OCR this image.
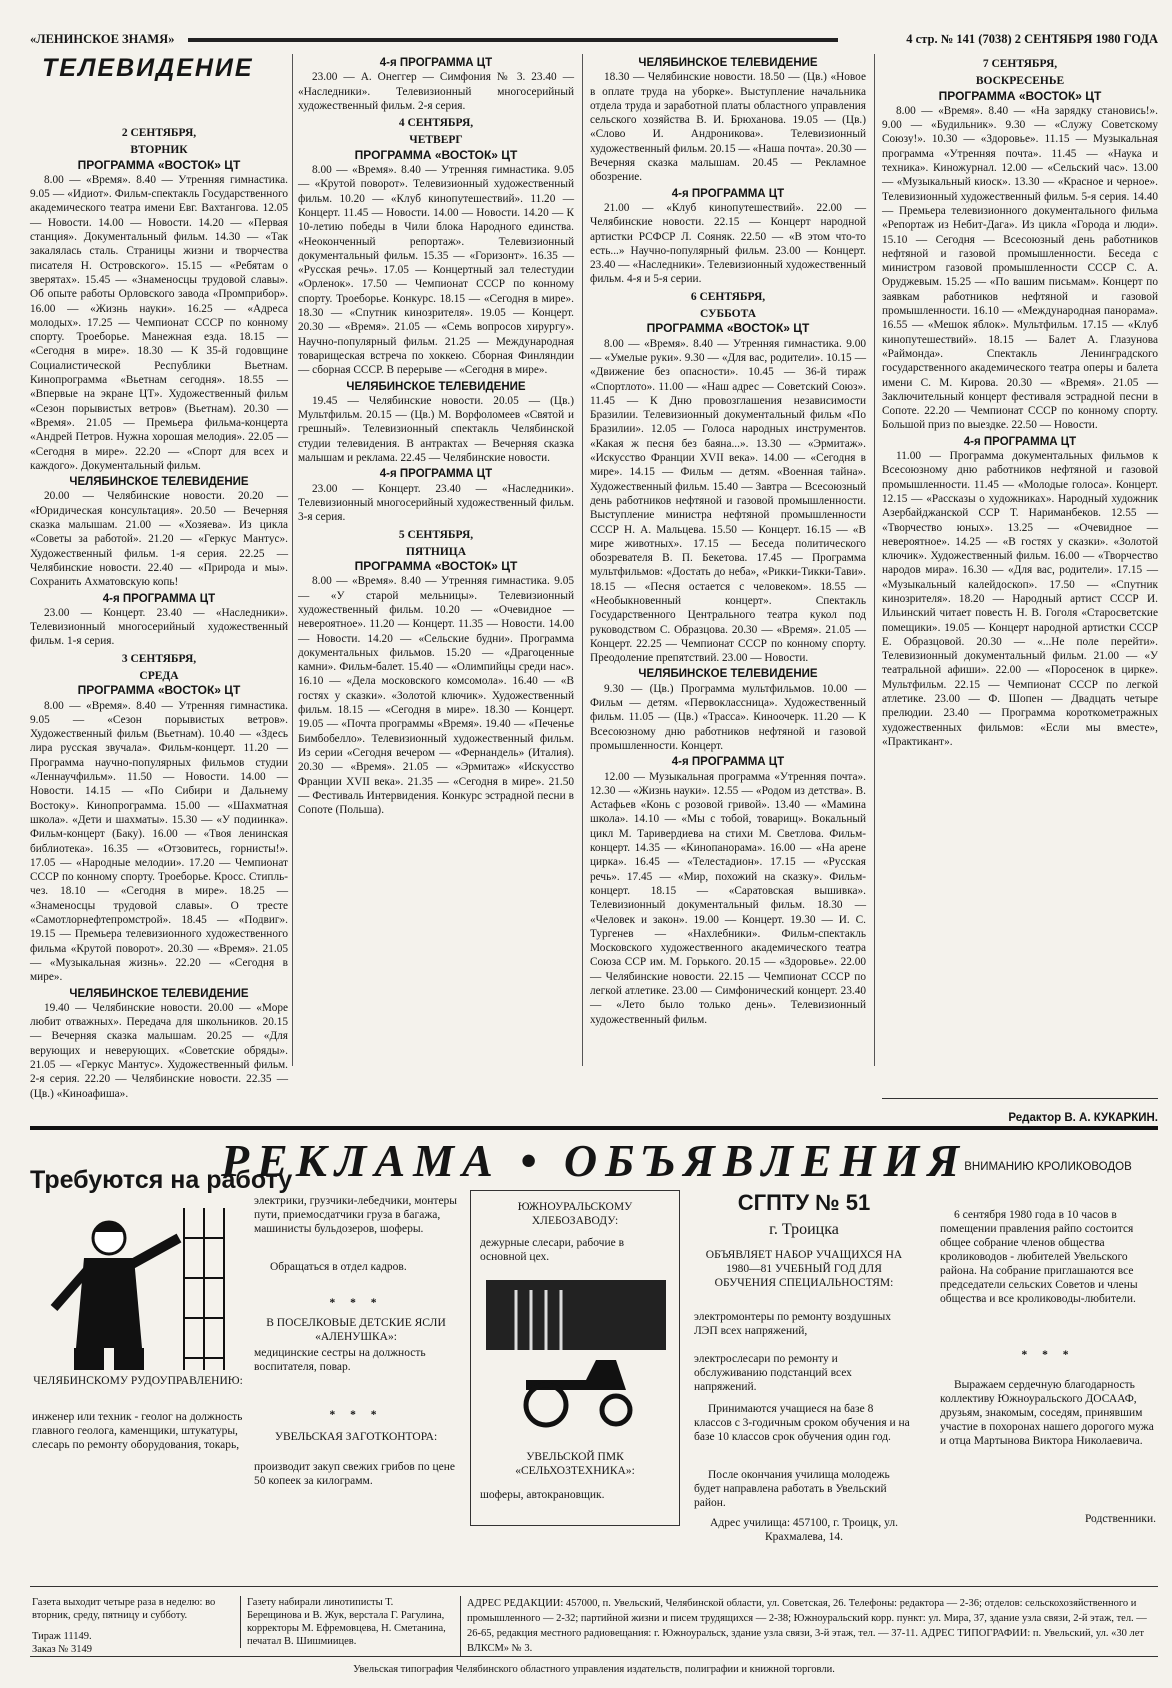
«ЛЕНИНСКОЕ ЗНАМЯ»	4 стр. № 141 (7038) 2 СЕНТЯБРЯ 1980 ГОДА
ТЕЛЕВИДЕНИЕ
2 СЕНТЯБРЯ,
ВТОРНИК
ПРОГРАММА «ВОСТОК» ЦТ

8.00 — «Время». 8.40 — Утренняя гимнастика. 9.05 — «Идиот». Фильм-спектакль Государственного академического театра имени Евг. Вахтангова. 12.05 — Новости. 14.00 — Новости. 14.20 — «Первая станция». Документальный фильм. 14.30 — «Так закалялась сталь. Страницы жизни и творчества писателя Н. Островского». 15.15 — «Ребятам о зверятах». 15.45 — «Знаменосцы трудовой славы». Об опыте работы Орловского завода «Промприбор». 16.00 — «Жизнь науки». 16.25 — «Адреса молодых». 17.25 — Чемпионат СССР по конному спорту. Троеборье. Манежная езда. 18.15 — «Сегодня в мире». 18.30 — К 35-й годовщине Социалистической Республики Вьетнам. Кинопрограмма «Вьетнам сегодня». 18.55 — «Впервые на экране ЦТ». Художественный фильм «Сезон порывистых ветров» (Вьетнам). 20.30 — «Время». 21.05 — Премьера фильма-концерта «Андрей Петров. Нужна хорошая мелодия». 22.05 — «Сегодня в мире». 22.20 — «Спорт для всех и каждого». Документальный фильм.

ЧЕЛЯБИНСКОЕ ТЕЛЕВИДЕНИЕ

20.00 — Челябинские новости. 20.20 — «Юридическая консультация». 20.50 — Вечерняя сказка малышам. 21.00 — «Хозяева». Из цикла «Советы за работой». 21.20 — «Геркус Мантус». Художественный фильм. 1-я серия. 22.25 — Челябинские новости. 22.40 — «Природа и мы». Сохранить Ахматовскую копь!

4-я ПРОГРАММА ЦТ

23.00 — Концерт. 23.40 — «Наследники». Телевизионный многосерийный художественный фильм. 1-я серия.

3 СЕНТЯБРЯ,
СРЕДА
ПРОГРАММА «ВОСТОК» ЦТ

8.00 — «Время». 8.40 — Утренняя гимнастика. 9.05 — «Сезон порывистых ветров». Художественный фильм (Вьетнам). 10.40 — «Здесь лира русская звучала». Фильм-концерт. 11.20 — Программа научно-популярных фильмов студии «Леннаучфильм». 11.50 — Новости. 14.00 — Новости. 14.15 — «По Сибири и Дальнему Востоку». Кинопрограмма. 15.00 — «Шахматная школа». «Дети и шахматы». 15.30 — «У подиинка». Фильм-концерт (Баку). 16.00 — «Твоя ленинская библиотека». 16.35 — «Отзовитесь, горнисты!». 17.05 — «Народные мелодии». 17.20 — Чемпионат СССР по конному спорту. Троеборье. Кросс. Стипль-чез. 18.10 — «Сегодня в мире». 18.25 — «Знаменосцы трудовой славы». О тресте «Самотлорнефтепромстрой». 18.45 — «Подвиг». 19.15 — Премьера телевизионного художественного фильма «Крутой поворот». 20.30 — «Время». 21.05 — «Музыкальная жизнь». 22.20 — «Сегодня в мире».

ЧЕЛЯБИНСКОЕ ТЕЛЕВИДЕНИЕ

19.40 — Челябинские новости. 20.00 — «Море любит отважных». Передача для школьников. 20.15 — Вечерняя сказка малышам. 20.25 — «Для верующих и неверующих. «Советские обряды». 21.05 — «Геркус Мантус». Художественный фильм. 2-я серия. 22.20 — Челябинские новости. 22.35 — (Цв.) «Киноафиша».

4-я ПРОГРАММА ЦТ

23.00 — А. Онеггер — Симфония № 3. 23.40 — «Наследники». Телевизионный многосерийный художественный фильм. 2-я серия.

4 СЕНТЯБРЯ,
ЧЕТВЕРГ
ПРОГРАММА «ВОСТОК» ЦТ

8.00 — «Время». 8.40 — Утренняя гимнастика. 9.05 — «Крутой поворот». Телевизионный художественный фильм. 10.20 — «Клуб кинопутешествий». 11.20 — Концерт. 11.45 — Новости. 14.00 — Новости. 14.20 — К 10-летию победы в Чили блока Народного единства. «Неоконченный репортаж». Телевизионный документальный фильм. 15.35 — «Горизонт». 16.35 — «Русская речь». 17.05 — Концертный зал телестудии «Орленок». 17.50 — Чемпионат СССР по конному спорту. Троеборье. Конкурс. 18.15 — «Сегодня в мире». 18.30 — «Спутник кинозрителя». 19.05 — Концерт. 20.30 — «Время». 21.05 — «Семь вопросов хирургу». Научно-популярный фильм. 21.25 — Международная товарищеская встреча по хоккею. Сборная Финляндии — сборная СССР. В перерыве — «Сегодня в мире».

ЧЕЛЯБИНСКОЕ ТЕЛЕВИДЕНИЕ

19.45 — Челябинские новости. 20.05 — (Цв.) Мультфильм. 20.15 — (Цв.) М. Ворфоломеев «Святой и грешный». Телевизионный спектакль Челябинской студии телевидения. В антрактах — Вечерняя сказка малышам и реклама. 22.45 — Челябинские новости.

4-я ПРОГРАММА ЦТ

23.00 — Концерт. 23.40 — «Наследники». Телевизионный многосерийный художественный фильм. 3-я серия.

5 СЕНТЯБРЯ,
ПЯТНИЦА
ПРОГРАММА «ВОСТОК» ЦТ

8.00 — «Время». 8.40 — Утренняя гимнастика. 9.05 — «У старой мельницы». Телевизионный художественный фильм. 10.20 — «Очевидное — невероятное». 11.20 — Концерт. 11.35 — Новости. 14.00 — Новости. 14.20 — «Сельские будни». Программа документальных фильмов. 15.20 — «Драгоценные камни». Фильм-балет. 15.40 — «Олимпийцы среди нас». 16.10 — «Дела московского комсомола». 16.40 — «В гостях у сказки». «Золотой ключик». Художественный фильм. 18.15 — «Сегодня в мире». 18.30 — Концерт. 19.05 — «Почта программы «Время». 19.40 — «Печенье Бимбобелло». Телевизионный художественный фильм. Из серии «Сегодня вечером — «Фернандель» (Италия). 20.30 — «Время». 21.05 — «Эрмитаж» «Искусство Франции XVII века». 21.35 — «Сегодня в мире». 21.50 — Фестиваль Интервидения. Конкурс эстрадной песни в Сопоте (Польша).

ЧЕЛЯБИНСКОЕ ТЕЛЕВИДЕНИЕ

18.30 — Челябинские новости. 18.50 — (Цв.) «Новое в оплате труда на уборке». Выступление начальника отдела труда и заработной платы областного управления сельского хозяйства В. И. Брюханова. 19.05 — (Цв.) «Слово И. Андроникова». Телевизионный художественный фильм. 20.15 — «Наша почта». 20.30 — Вечерняя сказка малышам. 20.45 — Рекламное обозрение.

4-я ПРОГРАММА ЦТ

21.00 — «Клуб кинопутешествий». 22.00 — Челябинские новости. 22.15 — Концерт народной артистки РСФСР Л. Сояняк. 22.50 — «В этом что-то есть...» Научно-популярный фильм. 23.00 — Концерт. 23.40 — «Наследники». Телевизионный художественный фильм. 4-я и 5-я серии.

6 СЕНТЯБРЯ,
СУББОТА
ПРОГРАММА «ВОСТОК» ЦТ

8.00 — «Время». 8.40 — Утренняя гимнастика. 9.00 — «Умелые руки». 9.30 — «Для вас, родители». 10.15 — «Движение без опасности». 10.45 — 36-й тираж «Спортлото». 11.00 — «Наш адрес — Советский Союз». 11.45 — К Дню провозглашения независимости Бразилии. Телевизионный документальный фильм «По Бразилии». 12.05 — Голоса народных инструментов. «Какая ж песня без баяна...». 13.30 — «Эрмитаж». «Искусство Франции XVII века». 14.00 — «Сегодня в мире». 14.15 — Фильм — детям. «Военная тайна». Художественный фильм. 15.40 — Завтра — Всесоюзный день работников нефтяной и газовой промышленности. Выступление министра нефтяной промышленности СССР Н. А. Мальцева. 15.50 — Концерт. 16.15 — «В мире животных». 17.15 — Беседа политического обозревателя В. П. Бекетова. 17.45 — Программа мультфильмов: «Достать до неба», «Рикки-Тикки-Тави». 18.15 — «Песня остается с человеком». 18.55 — «Необыкновенный концерт». Спектакль Государственного Центрального театра кукол под руководством С. Образцова. 20.30 — «Время». 21.05 — Концерт. 22.25 — Чемпионат СССР по конному спорту. Преодоление препятствий. 23.00 — Новости.

ЧЕЛЯБИНСКОЕ ТЕЛЕВИДЕНИЕ

9.30 — (Цв.) Программа мультфильмов. 10.00 — Фильм — детям. «Первоклассница». Художественный фильм. 11.05 — (Цв.) «Трасса». Киноочерк. 11.20 — К Всесоюзному дню работников нефтяной и газовой промышленности. Концерт.

4-я ПРОГРАММА ЦТ

12.00 — Музыкальная программа «Утренняя почта». 12.30 — «Жизнь науки». 12.55 — «Родом из детства». В. Астафьев «Конь с розовой гривой». 13.40 — «Мамина школа». 14.10 — «Мы с тобой, товарищ». Вокальный цикл М. Таривердиева на стихи М. Светлова. Фильм-концерт. 14.35 — «Кинопанорама». 16.00 — «На арене цирка». 16.45 — «Телестадион». 17.15 — «Русская речь». 17.45 — «Мир, похожий на сказку». Фильм-концерт. 18.15 — «Саратовская вышивка». Телевизионный документальный фильм. 18.30 — «Человек и закон». 19.00 — Концерт. 19.30 — И. С. Тургенев — «Нахлебники». Фильм-спектакль Московского художественного академического театра Союза ССР им. М. Горького. 20.15 — «Здоровье». 22.00 — Челябинские новости. 22.15 — Чемпионат СССР по легкой атлетике. 23.00 — Симфонический концерт. 23.40 — «Лето было только день». Телевизионный художественный фильм.

7 СЕНТЯБРЯ,
ВОСКРЕСЕНЬЕ
ПРОГРАММА «ВОСТОК» ЦТ

8.00 — «Время». 8.40 — «На зарядку становись!». 9.00 — «Будильник». 9.30 — «Служу Советскому Союзу!». 10.30 — «Здоровье». 11.15 — Музыкальная программа «Утренняя почта». 11.45 — «Наука и техника». Киножурнал. 12.00 — «Сельский час». 13.00 — «Музыкальный киоск». 13.30 — «Красное и черное». Телевизионный художественный фильм. 5-я серия. 14.40 — Премьера телевизионного документального фильма «Репортаж из Небит-Дага». Из цикла «Города и люди». 15.10 — Сегодня — Всесоюзный день работников нефтяной и газовой промышленности. Беседа с министром газовой промышленности СССР С. А. Оруджевым. 15.25 — «По вашим письмам». Концерт по заявкам работников нефтяной и газовой промышленности. 16.10 — «Международная панорама». 16.55 — «Мешок яблок». Мультфильм. 17.15 — «Клуб кинопутешествий». 18.15 — Балет А. Глазунова «Раймонда». Спектакль Ленинградского государственного академического театра оперы и балета имени С. М. Кирова. 20.30 — «Время». 21.05 — Заключительный концерт фестиваля эстрадной песни в Сопоте. 22.20 — Чемпионат СССР по конному спорту. Большой приз по выездке. 22.50 — Новости.

4-я ПРОГРАММА ЦТ

11.00 — Программа документальных фильмов к Всесоюзному дню работников нефтяной и газовой промышленности. 11.45 — «Молодые голоса». Концерт. 12.15 — «Рассказы о художниках». Народный художник Азербайджанской ССР Т. Нариманбеков. 12.55 — «Творчество юных». 13.25 — «Очевидное — невероятное». 14.25 — «В гостях у сказки». «Золотой ключик». Художественный фильм. 16.00 — «Творчество народов мира». 16.30 — «Для вас, родители». 17.15 — «Музыкальный калейдоскоп». 17.50 — «Спутник кинозрителя». 18.20 — Народный артист СССР И. Ильинский читает повесть Н. В. Гоголя «Старосветские помещики». 19.05 — Концерт народной артистки СССР Е. Образцовой. 20.30 — «...Не поле перейти». Телевизионный документальный фильм. 21.00 — «У театральной афиши». 22.00 — «Поросенок в цирке». Мультфильм. 22.15 — Чемпионат СССР по легкой атлетике. 23.00 — Ф. Шопен — Двадцать четыре прелюдии. 23.40 — Программа короткометражных художественных фильмов: «Если мы вместе», «Практикант».

Редактор В. А. КУКАРКИН.
РЕКЛАМА • ОБЪЯВЛЕНИЯ
Требуются на работу
ЧЕЛЯБИНСКОМУ РУДОУПРАВЛЕНИЮ:
инженер или техник - геолог на должность главного геолога, каменщики, штукатуры, слесарь по ремонту оборудования, токарь,
электрики, грузчики-лебедчики, монтеры пути, приемосдатчики груза в багажа, машинисты бульдозеров, шоферы.
Обращаться в отдел кадров.
* * *
В ПОСЕЛКОВЫЕ ДЕТСКИЕ ЯСЛИ «АЛЕНУШКА»:
медицинские сестры на должность воспитателя, повар.
* * *
УВЕЛЬСКАЯ ЗАГОТКОНТОРА:
производит закуп свежих грибов по цене 50 копеек за килограмм.
ЮЖНОУРАЛЬСКОМУ ХЛЕБОЗАВОДУ:
дежурные слесари, рабочие в основной цех.
УВЕЛЬСКОЙ ПМК «СЕЛЬХОЗТЕХНИКА»:
шоферы, автокрановщик.
СГПТУ № 51
г. Троицка
ОБЪЯВЛЯЕТ НАБОР УЧАЩИХСЯ НА 1980—81 УЧЕБНЫЙ ГОД ДЛЯ ОБУЧЕНИЯ СПЕЦИАЛЬНОСТЯМ:
электромонтеры по ремонту воздушных ЛЭП всех напряжений,
электрослесари по ремонту и обслуживанию подстанций всех напряжений.
Принимаются учащиеся на базе 8 классов с 3-годичным сроком обучения и на базе 10 классов срок обучения один год.
После окончания училища молодежь будет направлена работать в Увельский район.
Адрес училища: 457100, г. Троицк, ул. Крахмалева, 14.
ВНИМАНИЮ КРОЛИКОВОДОВ
6 сентября 1980 года в 10 часов в помещении правления райпо состоится общее собрание членов общества кролиководов - любителей Увельского района. На собрание приглашаются все председатели сельских Советов и члены общества и все кролиководы-любители.
* * *
Выражаем сердечную благодарность коллективу Южноуральского ДОСААФ, друзьям, знакомым, соседям, принявшим участие в похоронах нашего дорогого мужа и отца Мартынова Виктора Николаевича.
Родственники.
Газета выходит четыре раза в неделю: во вторник, среду, пятницу и субботу.
Тираж 11149.
Заказ № 3149
Газету набирали линотиписты Т. Берещинова и В. Жук, верстала Г. Рагулина, корректоры М. Ефремовцева, Н. Сметанина, печатал В. Шишмиицев.
АДРЕС РЕДАКЦИИ: 457000, п. Увельский, Челябинской области, ул. Советская, 26. Телефоны: редактора — 2-36; отделов: сельскохозяйственного и промышленного — 2-32; партийной жизни и писем трудящихся — 2-38; Южноуральский корр. пункт: ул. Мира, 37, здание узла связи, 2-й этаж, тел. — 26-65, редакция местного радиовещания: г. Южноуральск, здание узла связи, 3-й этаж, тел. — 37-11. АДРЕС ТИПОГРАФИИ: п. Увельский, ул. «30 лет ВЛКСМ» № 3.
Увельская типография Челябинского областного управления издательств, полиграфии и книжной торговли.
